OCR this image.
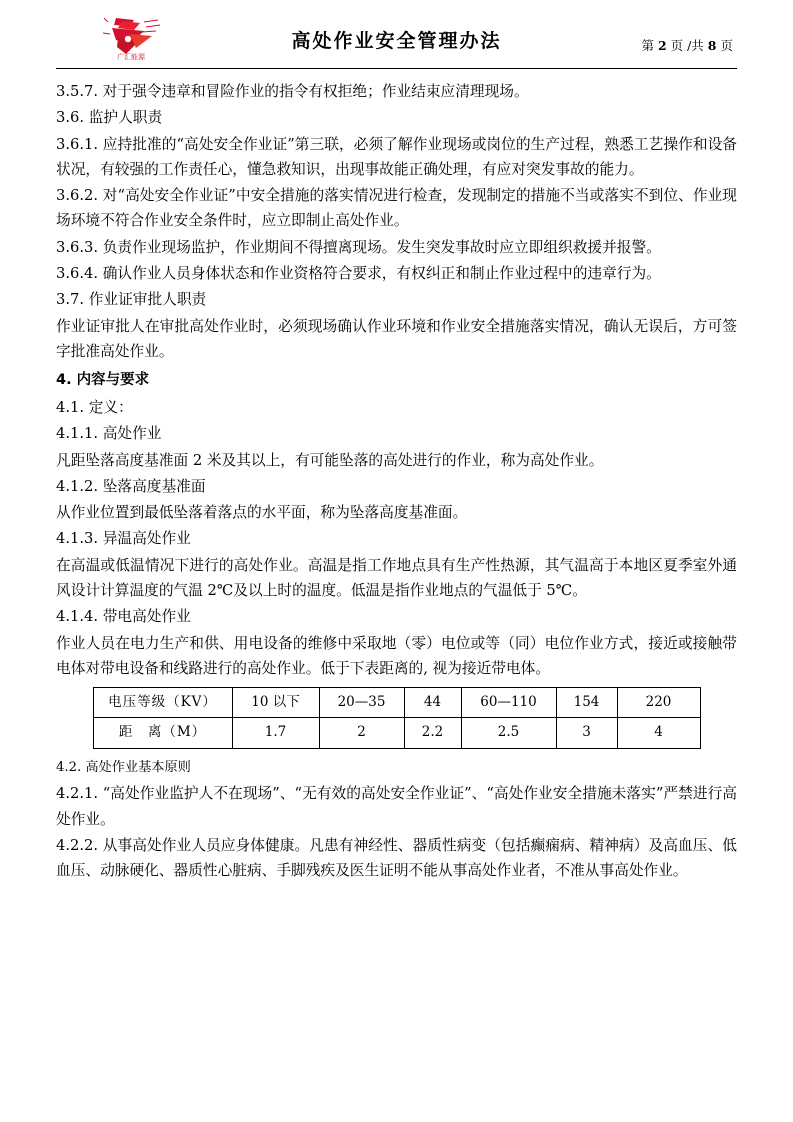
广汇能源
高处作业安全管理办法	第 2 页 /共 8 页

3.5.7. 对于强令违章和冒险作业的指令有权拒绝；作业结束应清理现场。

3.6. 监护人职责

3.6.1. 应持批准的“高处安全作业证”第三联，必须了解作业现场或岗位的生产过程，熟悉工艺操作和设备状况，有较强的工作责任心，懂急救知识，出现事故能正确处理，有应对突发事故的能力。

3.6.2. 对“高处安全作业证”中安全措施的落实情况进行检查，发现制定的措施不当或落实不到位、作业现场环境不符合作业安全条件时，应立即制止高处作业。

3.6.3. 负责作业现场监护，作业期间不得擅离现场。发生突发事故时应立即组织救援并报警。

3.6.4. 确认作业人员身体状态和作业资格符合要求，有权纠正和制止作业过程中的违章行为。

3.7. 作业证审批人职责

作业证审批人在审批高处作业时，必须现场确认作业环境和作业安全措施落实情况，确认无误后，方可签字批准高处作业。

4. 内容与要求

4.1. 定义：

4.1.1. 高处作业

凡距坠落高度基准面 2 米及其以上，有可能坠落的高处进行的作业，称为高处作业。

4.1.2. 坠落高度基准面

从作业位置到最低坠落着落点的水平面，称为坠落高度基准面。

4.1.3. 异温高处作业

在高温或低温情况下进行的高处作业。高温是指工作地点具有生产性热源，其气温高于本地区夏季室外通风设计计算温度的气温 2℃及以上时的温度。低温是指作业地点的气温低于 5℃。

4.1.4. 带电高处作业

作业人员在电力生产和供、用电设备的维修中采取地（零）电位或等（同）电位作业方式，接近或接触带电体对带电设备和线路进行的高处作业。低于下表距离的, 视为接近带电体。

电压等级（KV）	10 以下	20—35	44	60—110	154	220
距　离（M）	1.7	2	2.2	2.5	3	4

4.2. 高处作业基本原则

4.2.1. “高处作业监护人不在现场”、“无有效的高处安全作业证”、“高处作业安全措施未落实”严禁进行高处作业。

4.2.2. 从事高处作业人员应身体健康。凡患有神经性、器质性病变（包括癫痫病、精神病）及高血压、低血压、动脉硬化、器质性心脏病、手脚残疾及医生证明不能从事高处作业者，不准从事高处作业。
